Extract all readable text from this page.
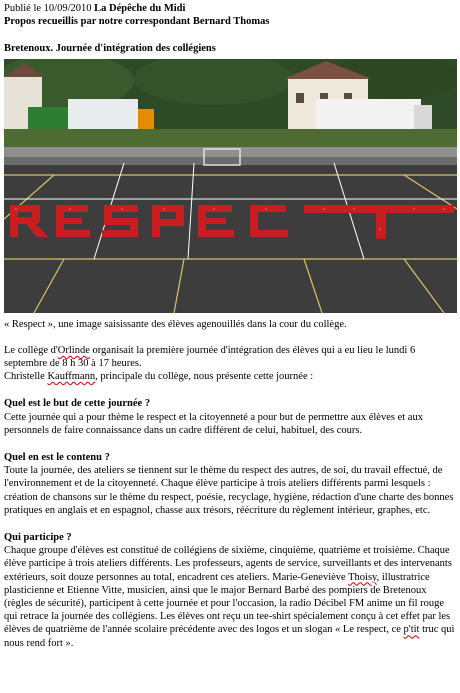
Publié le 10/09/2010 La Dépêche du Midi
Propos recueillis par notre correspondant Bernard Thomas
Bretenoux. Journée d'intégration des collégiens
« Respect », une image saisissante des élèves agenouillés dans la cour du collège.

Le collège d'Orlinde organisait la première journée d'intégration des élèves qui a eu lieu le lundi 6 septembre de 8 h 30 à 17 heures.

Christelle Kauffmann, principale du collège, nous présente cette journée :

Quel est le but de cette journée ?

Cette journée qui a pour thème le respect et la citoyenneté a pour but de permettre aux élèves et aux personnels de faire connaissance dans un cadre différent de celui, habituel, des cours.

Quel en est le contenu ?

Toute la journée, des ateliers se tiennent sur le thème du respect des autres, de soi, du travail effectué, de l'environnement et de la citoyenneté. Chaque élève participe à trois ateliers différents parmi lesquels : création de chansons sur le thème du respect, poésie, recyclage, hygiène, rédaction d'une charte des bonnes pratiques en anglais et en espagnol, chasse aux trésors, réécriture du règlement intérieur, graphes, etc.

Qui participe ?

Chaque groupe d'élèves est constitué de collégiens de sixième, cinquième, quatrième et troisième. Chaque élève participe à trois ateliers différents. Les professeurs, agents de service, surveillants et des intervenants extérieurs, soit douze personnes au total, encadrent ces ateliers. Marie-Geneviève Thoisy, illustratrice plasticienne et Etienne Vitte, musicien, ainsi que le major Bernard Barbé des pompiers de Bretenoux (règles de sécurité), participent à cette journée et pour l'occasion, la radio Décibel FM anime un fil rouge qui retrace la journée des collégiens. Les élèves ont reçu un tee-shirt spécialement conçu à cet effet par les élèves de quatrième de l'année scolaire précédente avec des logos et un slogan « Le respect, ce p'tit truc qui nous rend fort ».
